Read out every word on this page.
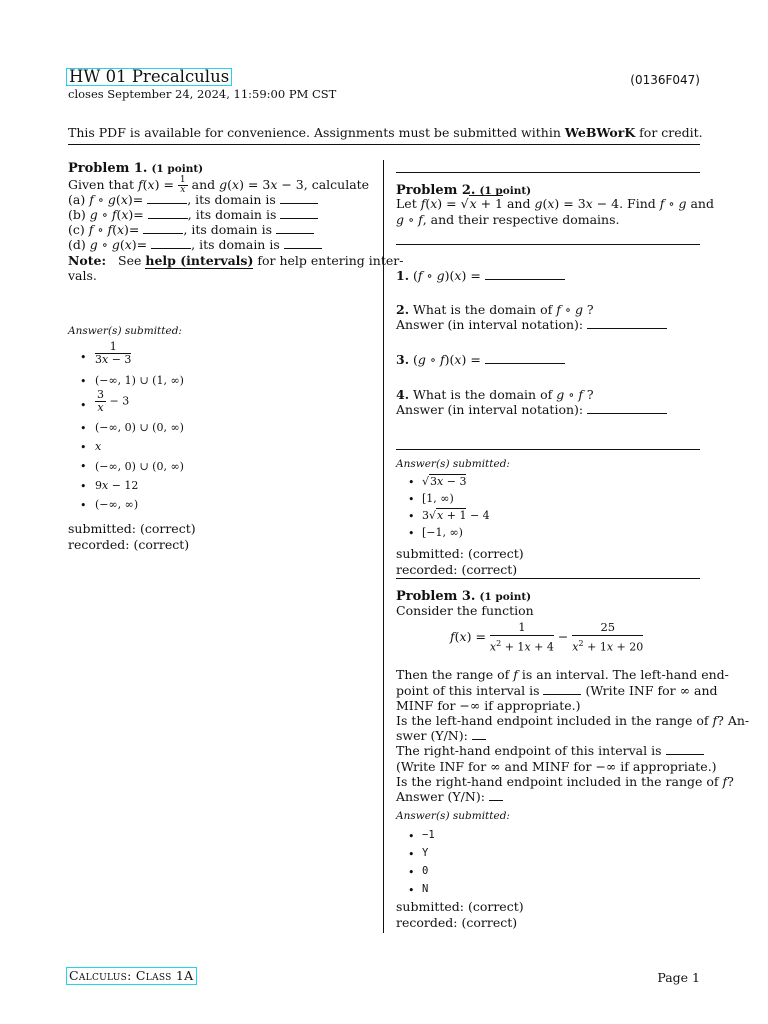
HW 01 Precalculus	(0136F047)
closes September 24, 2024, 11:59:00 PM CST
This PDF is available for convenience. Assignments must be submitted within WeBWorK for credit.
Problem 1. (1 point)
Given that $f(x) = \frac{1}{x}$ and g(x) = 3x − 3, calculate
(a) f ∘ g(x)=	, its domain is
(b) g ∘ f(x)=	, its domain is
(c) f ∘ f(x)=	, its domain is
(d) g ∘ g(x)=	, its domain is
Note: See help (intervals) for help entering inter-
vals.
Answer(s) submitted:
• $\frac{1}{3x - 3}$
• (−∞, 1) ∪ (1, ∞)
• $\frac{3}{x} - 3$
• (−∞, 0) ∪ (0, ∞)
• x
• (−∞, 0) ∪ (0, ∞)
• 9x − 12
• (−∞, ∞)
submitted: (correct)
recorded: (correct)
Problem 2. (1 point)
Let f(x) = √x + 1 and g(x) = 3x − 4. Find f ∘ g and
g ∘ f, and their respective domains.
1. (f ∘ g)(x) =
2. What is the domain of f ∘ g ?
Answer (in interval notation):
3. (g ∘ f)(x) =
4. What is the domain of g ∘ f ?
Answer (in interval notation):
Answer(s) submitted:
• √3x − 3
• [1, ∞)
• 3√x + 1 − 4
• [−1, ∞)
submitted: (correct)
recorded: (correct)
Problem 3. (1 point)
Consider the function
$f(x) = \frac{1}{x^2 + 1x + 4} - \frac{25}{x^2 + 1x + 20}$
Then the range of f is an interval. The left-hand end-
point of this interval is	(Write INF for ∞ and
MINF for −∞ if appropriate.)
Is the left-hand endpoint included in the range of f? An-
swer (Y/N):
The right-hand endpoint of this interval is
(Write INF for ∞ and MINF for −∞ if appropriate.)
Is the right-hand endpoint included in the range of f?
Answer (Y/N):
Answer(s) submitted:
• −1
• Y
• 0
• N
submitted: (correct)
recorded: (correct)
Calculus: Class 1A	Page 1
